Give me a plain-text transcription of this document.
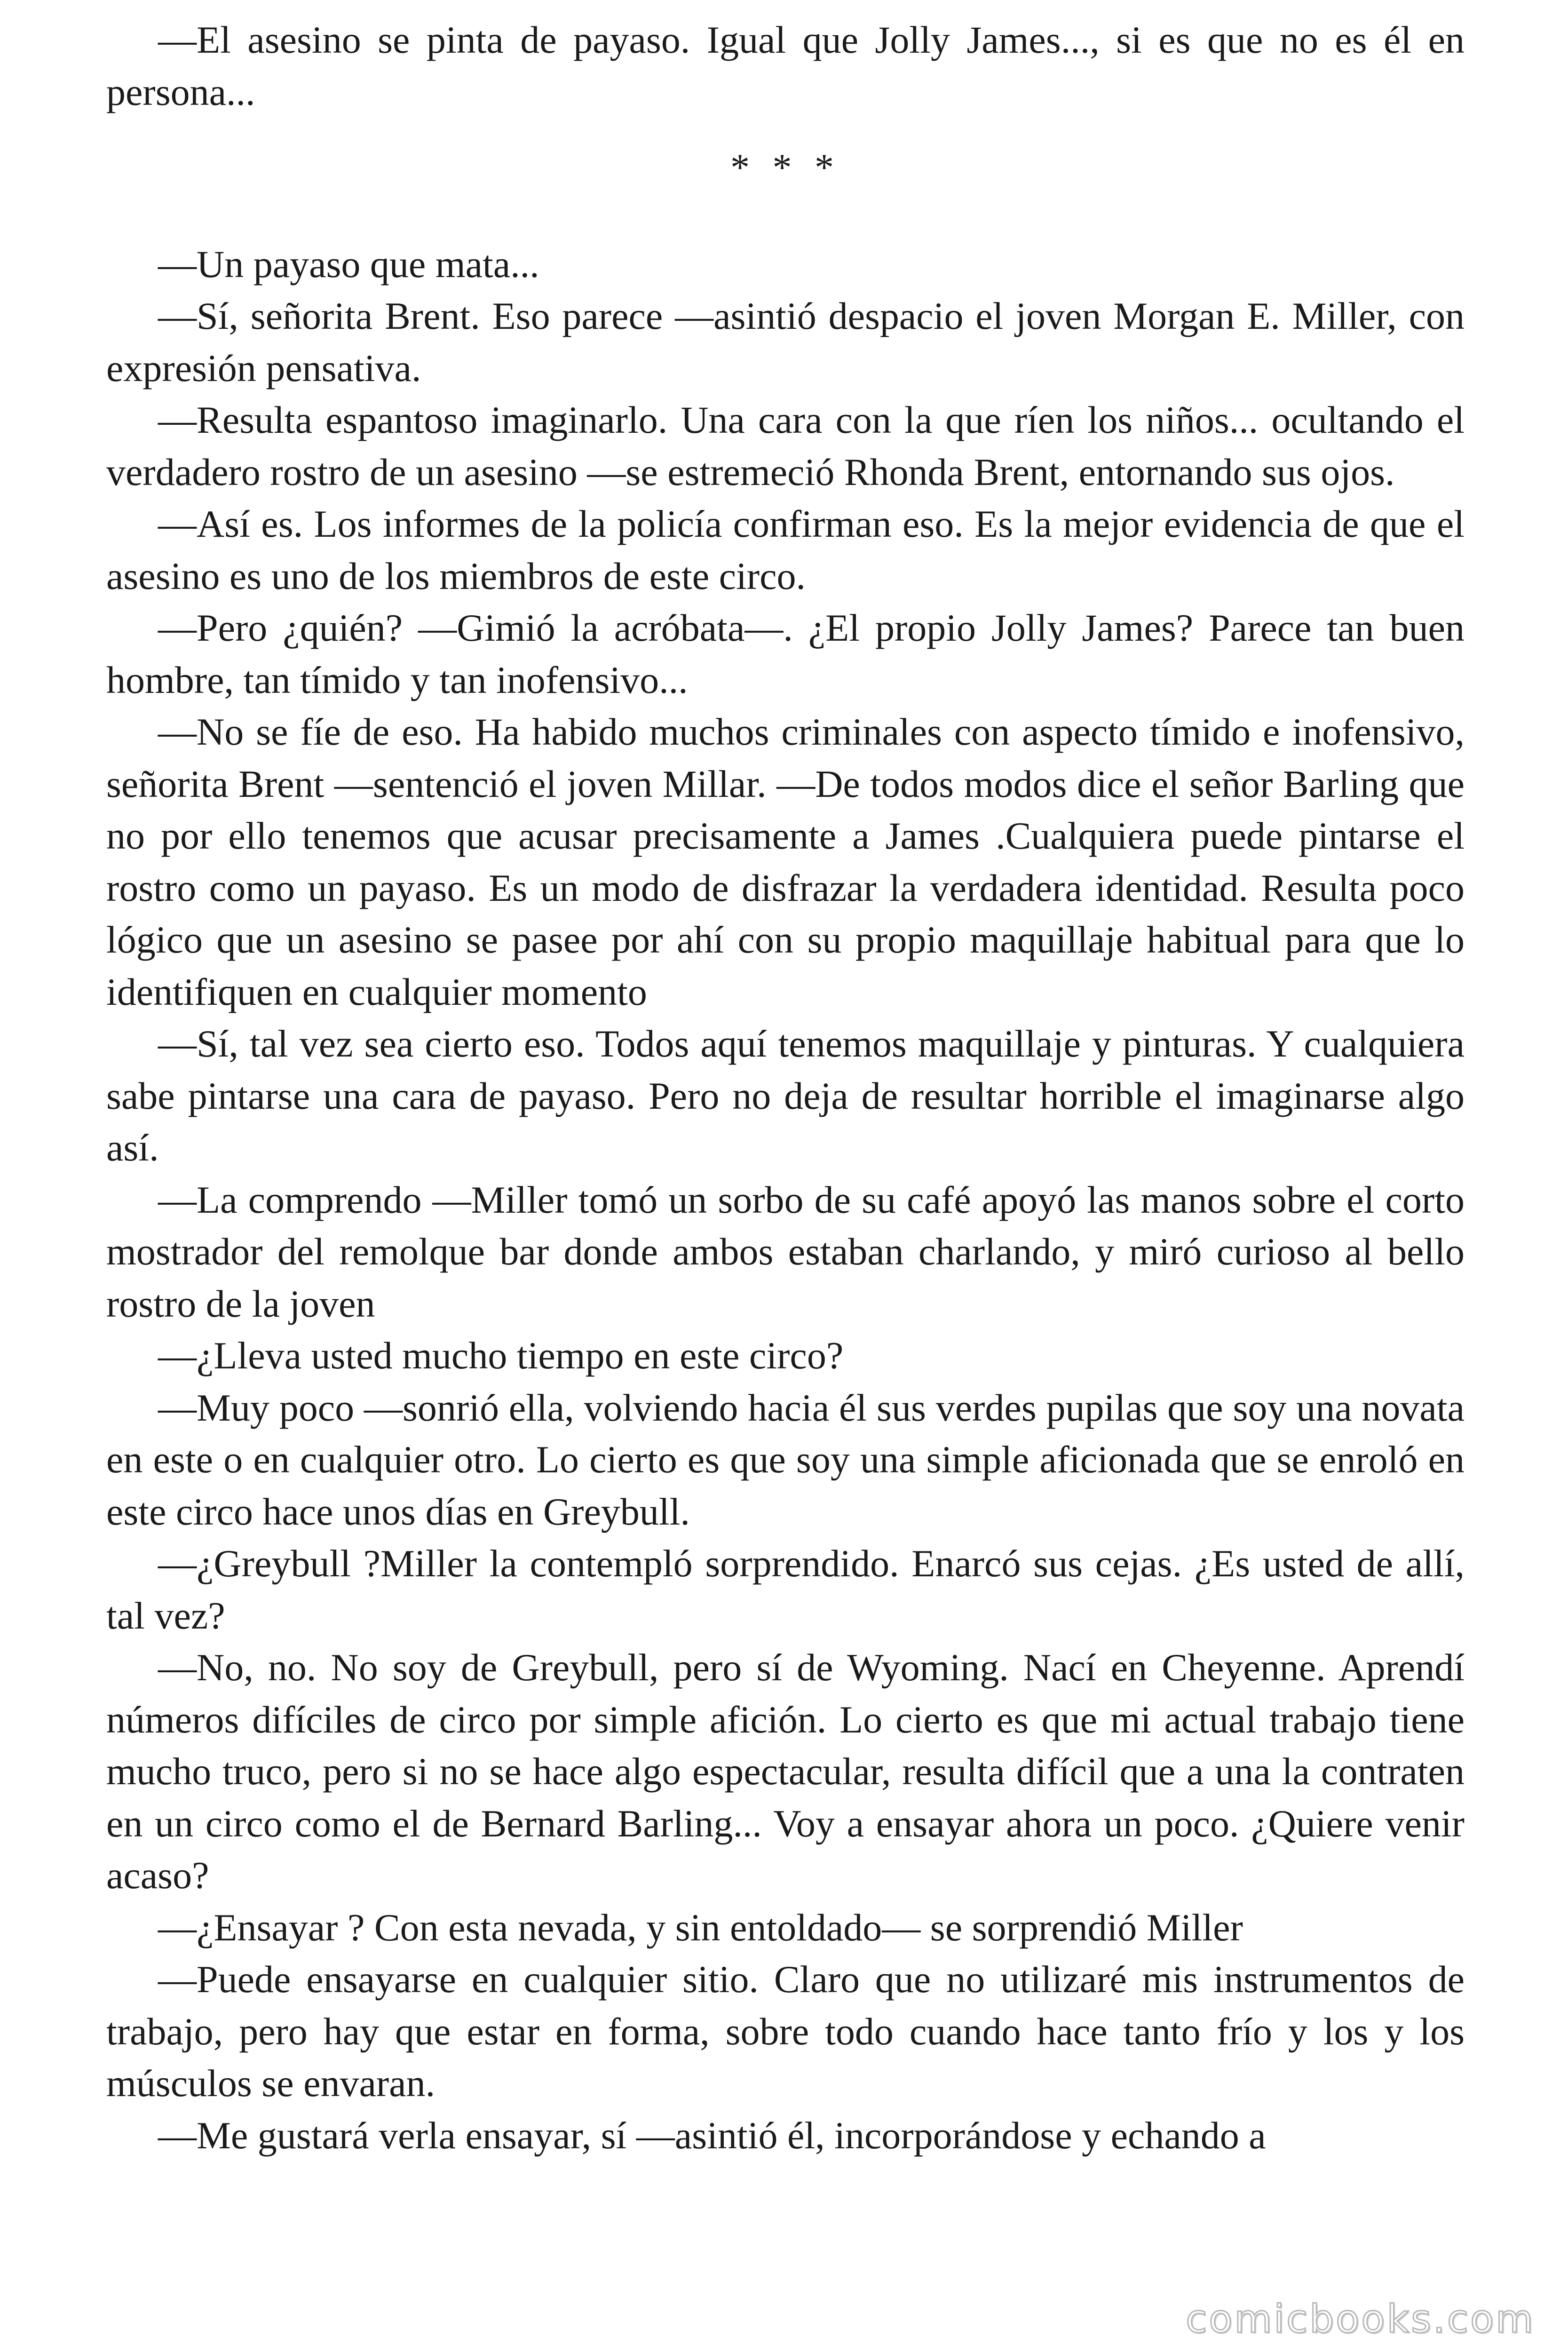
—El asesino se pinta de payaso. Igual que Jolly James..., si es que no es él en persona...

* * *

—Un payaso que mata...

—Sí, señorita Brent. Eso parece —asintió despacio el joven Morgan E. Miller, con expresión pensativa.

—Resulta espantoso imaginarlo. Una cara con la que ríen los niños... ocultando el verdadero rostro de un asesino —se estremeció Rhonda Brent, entornando sus ojos.

—Así es. Los informes de la policía confirman eso. Es la mejor evidencia de que el asesino es uno de los miembros de este circo.

—Pero ¿quién? —Gimió la acróbata—. ¿El propio Jolly James? Parece tan buen hombre, tan tímido y tan inofensivo...

—No se fíe de eso. Ha habido muchos criminales con aspecto tímido e inofensivo, señorita Brent —sentenció el joven Millar. —De todos modos dice el señor Barling que no por ello tenemos que acusar precisamente a James .Cualquiera puede pintarse el rostro como un payaso. Es un modo de disfrazar la verdadera identidad. Resulta poco lógico que un asesino se pasee por ahí con su propio maquillaje habitual para que lo identifiquen en cualquier momento

—Sí, tal vez sea cierto eso. Todos aquí tenemos maquillaje y pinturas. Y cualquiera sabe pintarse una cara de payaso. Pero no deja de resultar horrible el imaginarse algo así.

—La comprendo —Miller tomó un sorbo de su café apoyó las manos sobre el corto mostrador del remolque bar donde ambos estaban charlando, y miró curioso al bello rostro de la joven

—¿Lleva usted mucho tiempo en este circo?

—Muy poco —sonrió ella, volviendo hacia él sus verdes pupilas que soy una novata en este o en cualquier otro. Lo cierto es que soy una simple aficionada que se enroló en este circo hace unos días en Greybull.

—¿Greybull ?Miller la contempló sorprendido. Enarcó sus cejas. ¿Es usted de allí, tal vez?

—No, no. No soy de Greybull, pero sí de Wyoming. Nací en Cheyenne. Aprendí números difíciles de circo por simple afición. Lo cierto es que mi actual trabajo tiene mucho truco, pero si no se hace algo espectacular, resulta difícil que a una la contraten en un circo como el de Bernard Barling... Voy a ensayar ahora un poco. ¿Quiere venir acaso?

—¿Ensayar ? Con esta nevada, y sin entoldado— se sorprendió Miller

—Puede ensayarse en cualquier sitio. Claro que no utilizaré mis instrumentos de trabajo, pero hay que estar en forma, sobre todo cuando hace tanto frío y los y los músculos se envaran.

—Me gustará verla ensayar, sí —asintió él, incorporándose y echando a

comicbooks.com
